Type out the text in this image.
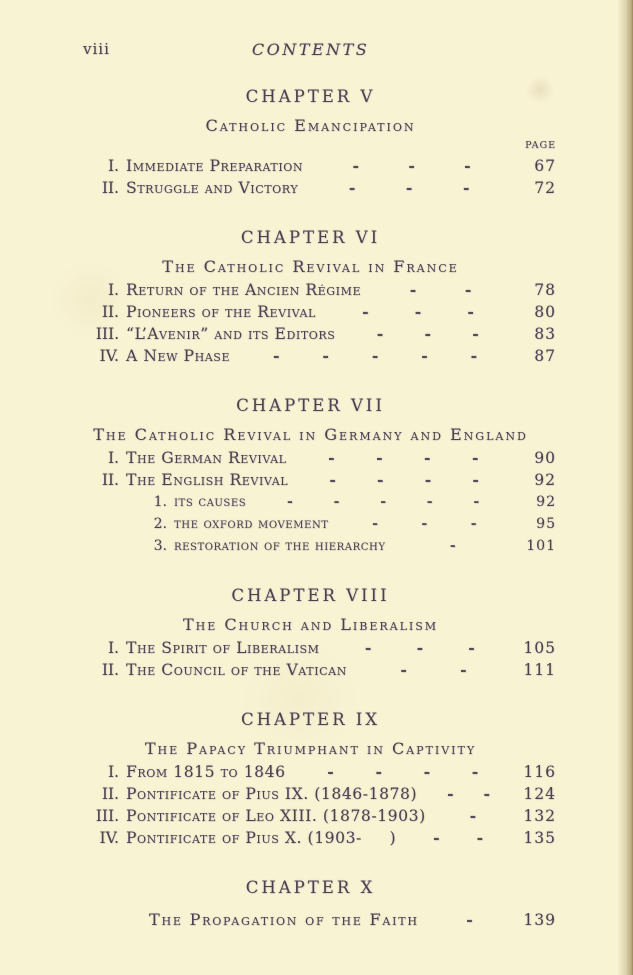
viii	CONTENTS
CHAPTER V
Catholic Emancipation
PAGE
I. Immediate Preparation	-	-	-	67
II. Struggle and Victory	-	-	-	72
CHAPTER VI
The Catholic Revival in France
I. Return of the Ancien Régime	-	-	78
II. Pioneers of the Revival	-	-	-	80
III. “L’Avenir” and its Editors	-	-	-	83
IV. A New Phase	-	-	-	-	-	87
CHAPTER VII
The Catholic Revival in Germany and England
I. The German Revival	-	-	-	-	90
II. The English Revival	-	-	-	-	92
1. its causes	-	-	-	-	-	92
2. the oxford movement	-	-	-	95
3. restoration of the hierarchy	-	101
CHAPTER VIII
The Church and Liberalism
I. The Spirit of Liberalism	-	-	-	105
II. The Council of the Vatican	-	-	111
CHAPTER IX
The Papacy Triumphant in Captivity
I. From 1815 to 1846	-	-	-	-	116
II. Pontificate of Pius IX. (1846-1878) - - 124
III. Pontificate of Leo XIII. (1878-1903)	-	132
IV. Pontificate of Pius X. (1903-     ) - -	135
CHAPTER X
The Propagation of the Faith	-	139
